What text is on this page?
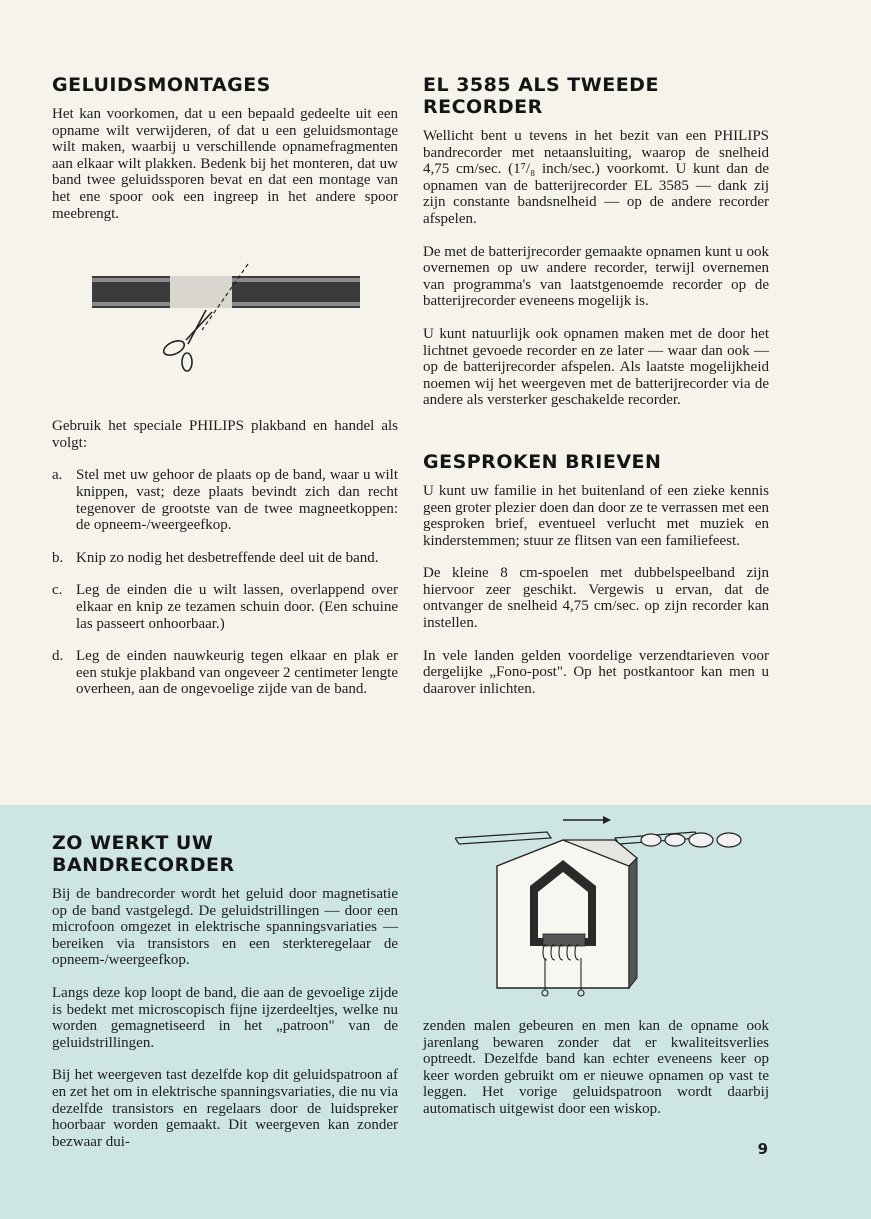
GELUIDSMONTAGES

Het kan voorkomen, dat u een bepaald gedeelte uit een opname wilt verwijderen, of dat u een geluidsmontage wilt maken, waarbij u verschillende opnamefragmenten aan elkaar wilt plakken. Bedenk bij het monteren, dat uw band twee geluidssporen bevat en dat een montage van het ene spoor ook een ingreep in het andere spoor meebrengt.

Gebruik het speciale PHILIPS plakband en handel als volgt:

a. Stel met uw gehoor de plaats op de band, waar u wilt knippen, vast; deze plaats bevindt zich dan recht tegenover de grootste van de twee magneetkoppen: de opneem-/weergeefkop.
b. Knip zo nodig het desbetreffende deel uit de band.
c. Leg de einden die u wilt lassen, overlappend over elkaar en knip ze tezamen schuin door. (Een schuine las passeert onhoorbaar.)
d. Leg de einden nauwkeurig tegen elkaar en plak er een stukje plakband van ongeveer 2 centimeter lengte overheen, aan de ongevoelige zijde van de band.
EL 3585 ALS TWEEDE RECORDER

Wellicht bent u tevens in het bezit van een PHILIPS bandrecorder met netaansluiting, waarop de snelheid 4,75 cm/sec. (1⁷/₈ inch/sec.) voorkomt. U kunt dan de opnamen van de batterijrecorder EL 3585 — dank zij zijn constante bandsnelheid — op de andere recorder afspelen.

De met de batterijrecorder gemaakte opnamen kunt u ook overnemen op uw andere recorder, terwijl overnemen van programma's van laatstgenoemde recorder op de batterijrecorder eveneens mogelijk is.

U kunt natuurlijk ook opnamen maken met de door het lichtnet gevoede recorder en ze later — waar dan ook — op de batterijrecorder afspelen. Als laatste mogelijkheid noemen wij het weergeven met de batterijrecorder via de andere als versterker geschakelde recorder.

GESPROKEN BRIEVEN

U kunt uw familie in het buitenland of een zieke kennis geen groter plezier doen dan door ze te verrassen met een gesproken brief, eventueel verlucht met muziek en kinderstemmen; stuur ze flitsen van een familiefeest.

De kleine 8 cm-spoelen met dubbelspeelband zijn hiervoor zeer geschikt. Vergewis u ervan, dat de ontvanger de snelheid 4,75 cm/sec. op zijn recorder kan instellen.

In vele landen gelden voordelige verzendtarieven voor dergelijke „Fono-post". Op het postkantoor kan men u daarover inlichten.

ZO WERKT UW BANDRECORDER

Bij de bandrecorder wordt het geluid door magnetisatie op de band vastgelegd. De geluidstrillingen — door een microfoon omgezet in elektrische spanningsvariaties — bereiken via transistors en een sterkteregelaar de opneem-/weergeefkop.

Langs deze kop loopt de band, die aan de gevoelige zijde is bedekt met microscopisch fijne ijzerdeeltjes, welke nu worden gemagnetiseerd in het „patroon" van de geluidstrillingen.

Bij het weergeven tast dezelfde kop dit geluidspatroon af en zet het om in elektrische spanningsvariaties, die nu via dezelfde transistors en regelaars door de luidspreker hoorbaar worden gemaakt. Dit weergeven kan zonder bezwaar dui-

zenden malen gebeuren en men kan de opname ook jarenlang bewaren zonder dat er kwaliteitsverlies optreedt. Dezelfde band kan echter eveneens keer op keer worden gebruikt om er nieuwe opnamen op vast te leggen. Het vorige geluidspatroon wordt daarbij automatisch uitgewist door een wiskop.

9
